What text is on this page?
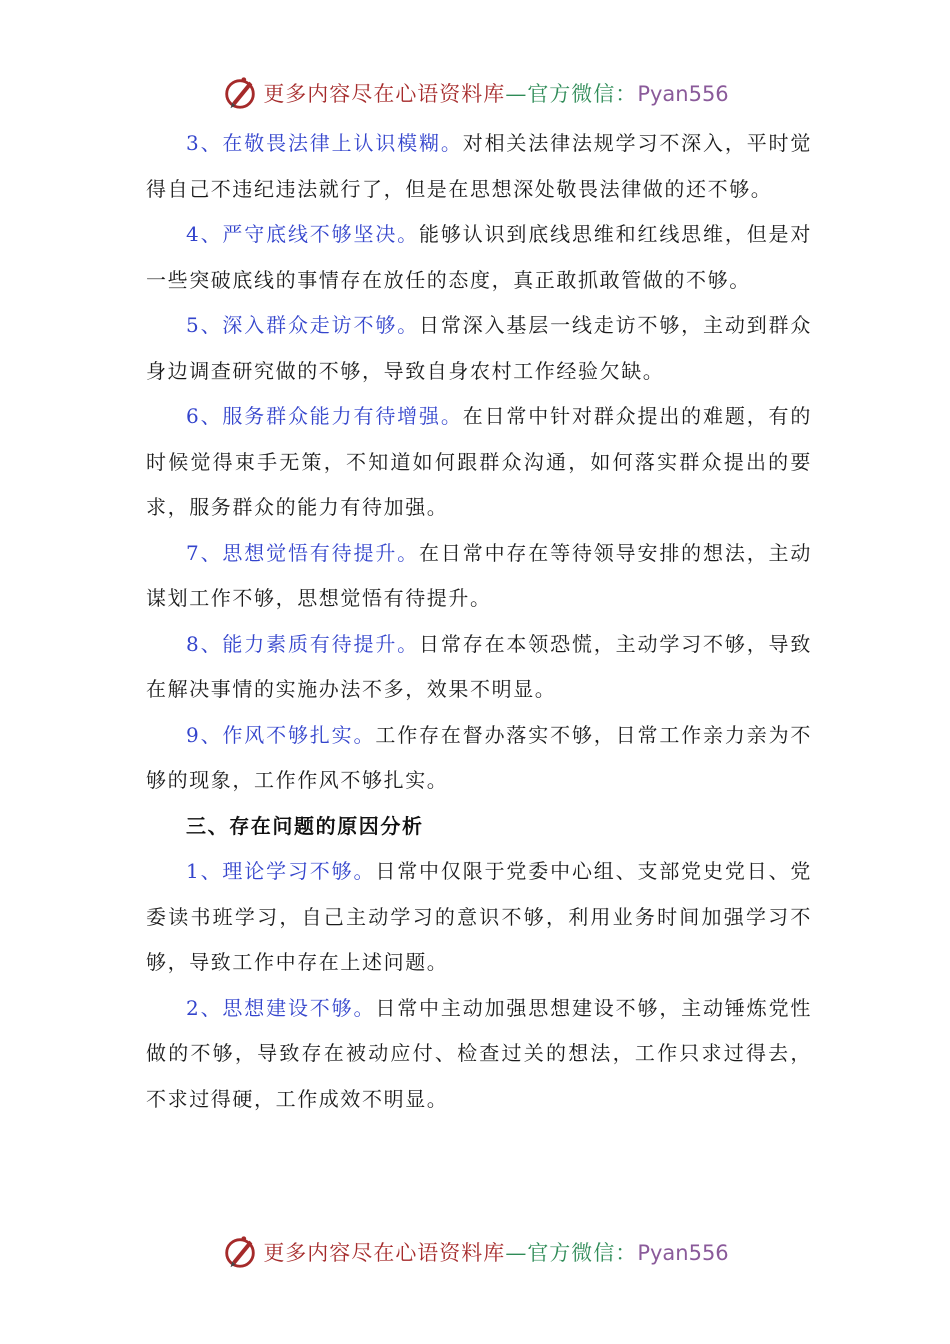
更多内容尽在心语资料库—官方微信：Pyan556

3、在敬畏法律上认识模糊。对相关法律法规学习不深入，平时觉得自己不违纪违法就行了，但是在思想深处敬畏法律做的还不够。

4、严守底线不够坚决。能够认识到底线思维和红线思维，但是对一些突破底线的事情存在放任的态度，真正敢抓敢管做的不够。

5、深入群众走访不够。日常深入基层一线走访不够，主动到群众身边调查研究做的不够，导致自身农村工作经验欠缺。

6、服务群众能力有待增强。在日常中针对群众提出的难题，有的时候觉得束手无策，不知道如何跟群众沟通，如何落实群众提出的要求，服务群众的能力有待加强。

7、思想觉悟有待提升。在日常中存在等待领导安排的想法，主动谋划工作不够，思想觉悟有待提升。

8、能力素质有待提升。日常存在本领恐慌，主动学习不够，导致在解决事情的实施办法不多，效果不明显。

9、作风不够扎实。工作存在督办落实不够，日常工作亲力亲为不够的现象，工作作风不够扎实。

三、存在问题的原因分析

1、理论学习不够。日常中仅限于党委中心组、支部党史党日、党委读书班学习，自己主动学习的意识不够，利用业务时间加强学习不够，导致工作中存在上述问题。

2、思想建设不够。日常中主动加强思想建设不够，主动锤炼党性做的不够，导致存在被动应付、检查过关的想法，工作只求过得去，不求过得硬，工作成效不明显。

更多内容尽在心语资料库—官方微信：Pyan556
